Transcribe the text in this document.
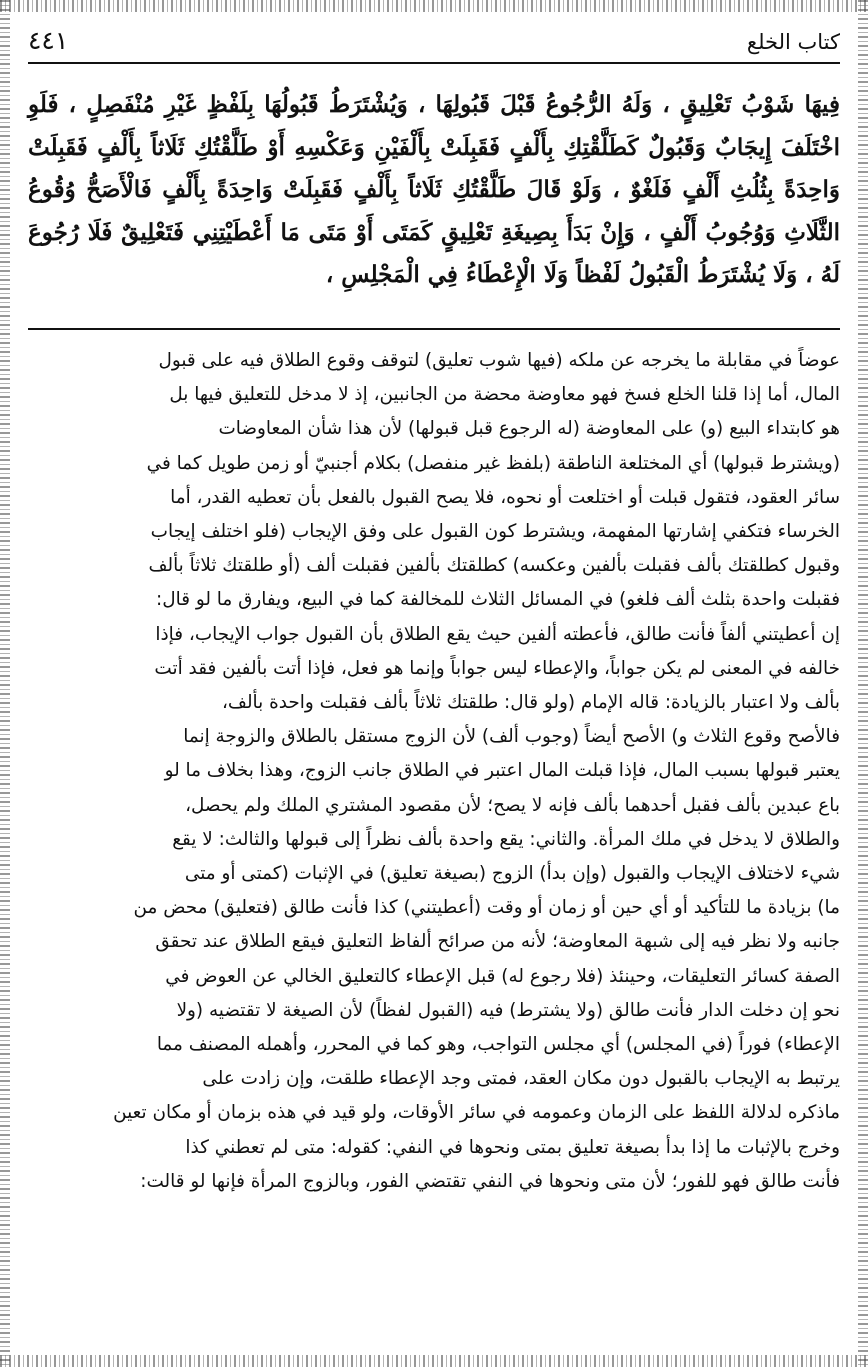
كتاب الخلع
٤٤١
فِيهَا شَوْبُ تَعْلِيقٍ ، وَلَهُ الرُّجُوعُ قَبْلَ قَبُولِهَا ، وَيُشْتَرَطُ قَبُولُهَا بِلَفْظٍ غَيْرِ مُنْفَصِلٍ ، فَلَوِ اخْتَلَفَ إِيجَابٌ وَقَبُولٌ كَطَلَّقْتِكِ بِأَلْفٍ فَقَبِلَتْ بِأَلْفَيْنِ وَعَكْسِهِ أَوْ طَلَّقْتُكِ ثَلَاثاً بِأَلْفٍ فَقَبِلَتْ وَاحِدَةً بِثُلُثِ أَلْفٍ فَلَغْوٌ ، وَلَوْ قَالَ طَلَّقْتُكِ ثَلَاثاً بِأَلْفٍ فَقَبِلَتْ وَاحِدَةً بِأَلْفٍ فَالْأَصَحُّ وُقُوعُ الثَّلَاثِ وَوُجُوبُ أَلْفٍ ، وَإِنْ بَدَأَ بِصِيغَةِ تَعْلِيقٍ كَمَتَى أَوْ مَتَى مَا أَعْطَيْتِنِي فَتَعْلِيقٌ فَلَا رُجُوعَ لَهُ ، وَلَا يُشْتَرَطُ الْقَبُولُ لَفْظاً وَلَا الْإِعْطَاءُ فِي الْمَجْلِسِ ،
عوضاً في مقابلة ما يخرجه عن ملكه (فيها شوب تعليق) لتوقف وقوع الطلاق فيه على قبول
المال، أما إذا قلنا الخلع فسخ فهو معاوضة محضة من الجانبين، إذ لا مدخل للتعليق فيها بل
هو كابتداء البيع (و) على المعاوضة (له الرجوع قبل قبولها) لأن هذا شأن المعاوضات
(ويشترط قبولها) أي المختلعة الناطقة (بلفظ غير منفصل) بكلام أجنبيّ أو زمن طويل كما في
سائر العقود، فتقول قبلت أو اختلعت أو نحوه، فلا يصح القبول بالفعل بأن تعطيه القدر، أما
الخرساء فتكفي إشارتها المفهمة، ويشترط كون القبول على وفق الإيجاب (فلو اختلف إيجاب
وقبول كطلقتك بألف فقبلت بألفين وعكسه) كطلقتك بألفين فقبلت ألف (أو طلقتك ثلاثاً بألف
فقبلت واحدة بثلث ألف فلغو) في المسائل الثلاث للمخالفة كما في البيع، ويفارق ما لو قال:
إن أعطيتني ألفاً فأنت طالق، فأعطته ألفين حيث يقع الطلاق بأن القبول جواب الإيجاب، فإذا
خالفه في المعنى لم يكن جواباً، والإعطاء ليس جواباً وإنما هو فعل، فإذا أتت بألفين فقد أتت
بألف ولا اعتبار بالزيادة: قاله الإمام (ولو قال: طلقتك ثلاثاً بألف فقبلت واحدة بألف،
فالأصح وقوع الثلاث و) الأصح أيضاً (وجوب ألف) لأن الزوج مستقل بالطلاق والزوجة إنما
يعتبر قبولها بسبب المال، فإذا قبلت المال اعتبر في الطلاق جانب الزوج، وهذا بخلاف ما لو
باع عبدين بألف فقبل أحدهما بألف فإنه لا يصح؛ لأن مقصود المشتري الملك ولم يحصل،
والطلاق لا يدخل في ملك المرأة. والثاني: يقع واحدة بألف نظراً إلى قبولها والثالث: لا يقع
شيء لاختلاف الإيجاب والقبول (وإن بدأ) الزوج (بصيغة تعليق) في الإثبات (كمتى أو متى
ما) بزيادة ما للتأكيد أو أي حين أو زمان أو وقت (أعطيتني) كذا فأنت طالق (فتعليق) محض من
جانبه ولا نظر فيه إلى شبهة المعاوضة؛ لأنه من صرائح ألفاظ التعليق فيقع الطلاق عند تحقق
الصفة كسائر التعليقات، وحينئذ (فلا رجوع له) قبل الإعطاء كالتعليق الخالي عن العوض في
نحو إن دخلت الدار فأنت طالق (ولا يشترط) فيه (القبول لفظاً) لأن الصيغة لا تقتضيه (ولا
الإعطاء) فوراً (في المجلس) أي مجلس التواجب، وهو كما في المحرر، وأهمله المصنف مما
يرتبط به الإيجاب بالقبول دون مكان العقد، فمتى وجد الإعطاء طلقت، وإن زادت على
ماذكره لدلالة اللفظ على الزمان وعمومه في سائر الأوقات، ولو قيد في هذه بزمان أو مكان تعين
وخرج بالإثبات ما إذا بدأ بصيغة تعليق بمتى ونحوها في النفي: كقوله: متى لم تعطني كذا
فأنت طالق فهو للفور؛ لأن متى ونحوها في النفي تقتضي الفور، وبالزوج المرأة فإنها لو قالت:
